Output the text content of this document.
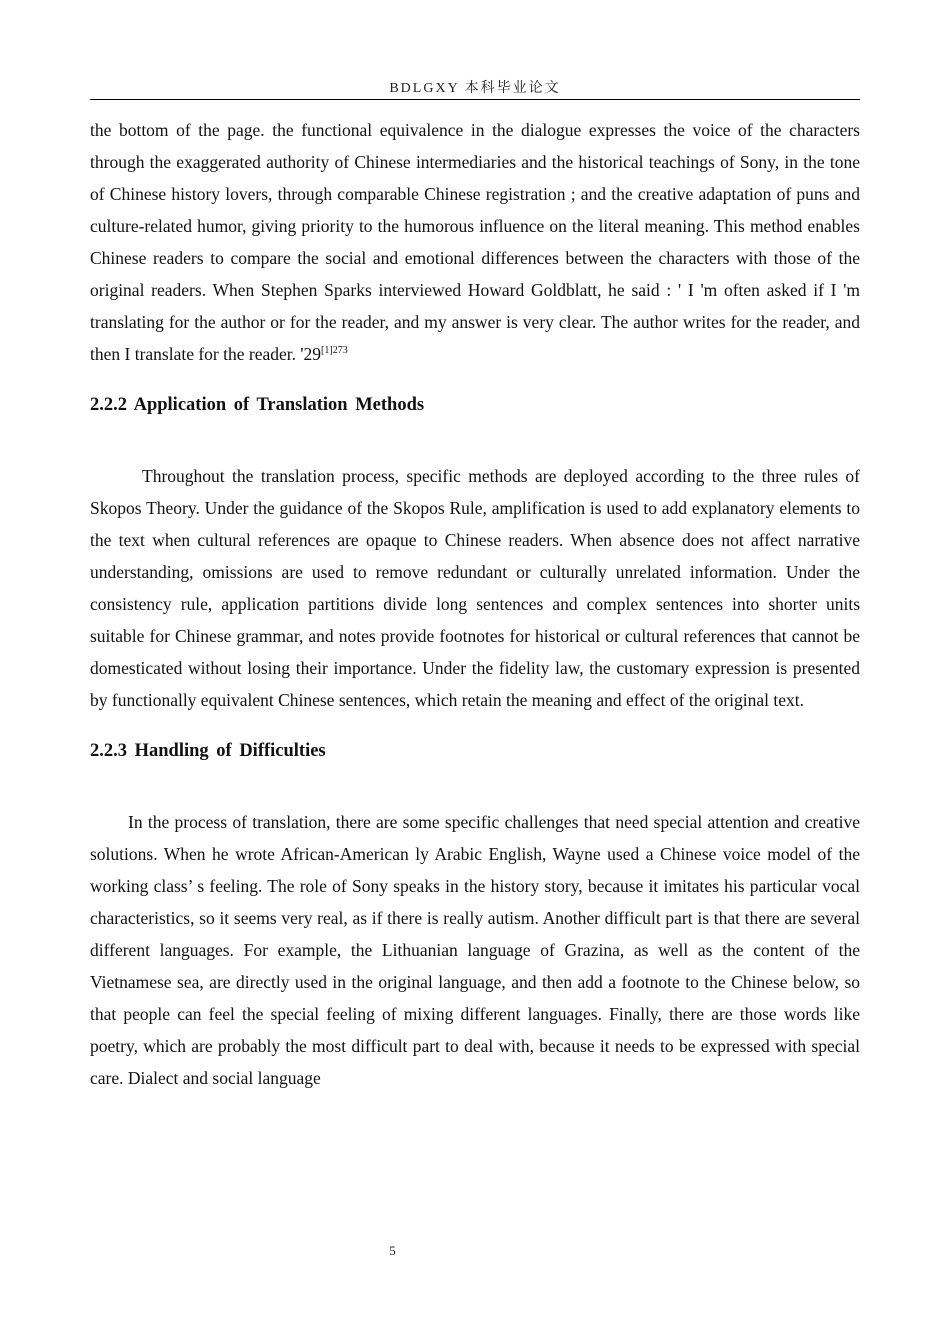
BDLGXY 本科毕业论文

the bottom of the page. the functional equivalence in the dialogue expresses the voice of the characters through the exaggerated authority of Chinese intermediaries and the historical teachings of Sony, in the tone of Chinese history lovers, through comparable Chinese registration ; and the creative adaptation of puns and culture-related humor, giving priority to the humorous influence on the literal meaning. This method enables Chinese readers to compare the social and emotional differences between the characters with those of the original readers. When Stephen Sparks interviewed Howard Goldblatt, he said : ' I 'm often asked if I 'm translating for the author or for the reader, and my answer is very clear. The author writes for the reader, and then I translate for the reader. '29$^{[1]273}$

2.2.2 Application of Translation Methods

Throughout the translation process, specific methods are deployed according to the three rules of Skopos Theory. Under the guidance of the Skopos Rule, amplification is used to add explanatory elements to the text when cultural references are opaque to Chinese readers. When absence does not affect narrative understanding, omissions are used to remove redundant or culturally unrelated information. Under the consistency rule, application partitions divide long sentences and complex sentences into shorter units suitable for Chinese grammar, and notes provide footnotes for historical or cultural references that cannot be domesticated without losing their importance. Under the fidelity law, the customary expression is presented by functionally equivalent Chinese sentences, which retain the meaning and effect of the original text.

2.2.3 Handling of Difficulties

In the process of translation, there are some specific challenges that need special attention and creative solutions. When he wrote African-American ly Arabic English, Wayne used a Chinese voice model of the working class’ s feeling. The role of Sony speaks in the history story, because it imitates his particular vocal characteristics, so it seems very real, as if there is really autism. Another difficult part is that there are several different languages. For example, the Lithuanian language of Grazina, as well as the content of the Vietnamese sea, are directly used in the original language, and then add a footnote to the Chinese below, so that people can feel the special feeling of mixing different languages. Finally, there are those words like poetry, which are probably the most difficult part to deal with, because it needs to be expressed with special care. Dialect and social language

5
